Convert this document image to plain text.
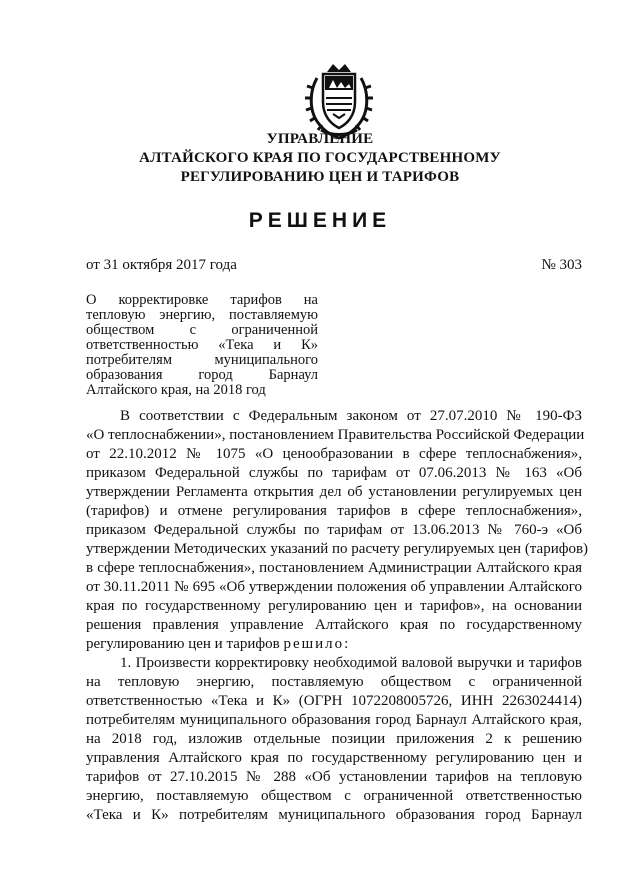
УПРАВЛЕНИЕ
АЛТАЙСКОГО КРАЯ ПО ГОСУДАРСТВЕННОМУ
РЕГУЛИРОВАНИЮ ЦЕН И ТАРИФОВ
РЕШЕНИЕ
от 31 октября 2017 года	№ 303
О корректировке тарифов на
тепловую энергию, поставляемую
обществом с ограниченной
ответственностью «Тека и К»
потребителям муниципального
образования город Барнаул
Алтайского края, на 2018 год
В соответствии с Федеральным законом от 27.07.2010 № 190-ФЗ
«О теплоснабжении», постановлением Правительства Российской Федерации
от 22.10.2012 № 1075 «О ценообразовании в сфере теплоснабжения»,
приказом Федеральной службы по тарифам от 07.06.2013 № 163 «Об
утверждении Регламента открытия дел об установлении регулируемых цен
(тарифов) и отмене регулирования тарифов в сфере теплоснабжения»,
приказом Федеральной службы по тарифам от 13.06.2013 № 760-э «Об
утверждении Методических указаний по расчету регулируемых цен (тарифов)
в сфере теплоснабжения», постановлением Администрации Алтайского края
от 30.11.2011 № 695 «Об утверждении положения об управлении Алтайского
края по государственному регулированию цен и тарифов», на основании
решения правления управление Алтайского края по государственному
регулированию цен и тарифов решило:
1. Произвести корректировку необходимой валовой выручки и тарифов
на тепловую энергию, поставляемую обществом с ограниченной
ответственностью «Тека и К» (ОГРН 1072208005726, ИНН 2263024414)
потребителям муниципального образования город Барнаул Алтайского края,
на 2018 год, изложив отдельные позиции приложения 2 к решению
управления Алтайского края по государственному регулированию цен и
тарифов от 27.10.2015 № 288 «Об установлении тарифов на тепловую
энергию, поставляемую обществом с ограниченной ответственностью
«Тека и К» потребителям муниципального образования город Барнаул
